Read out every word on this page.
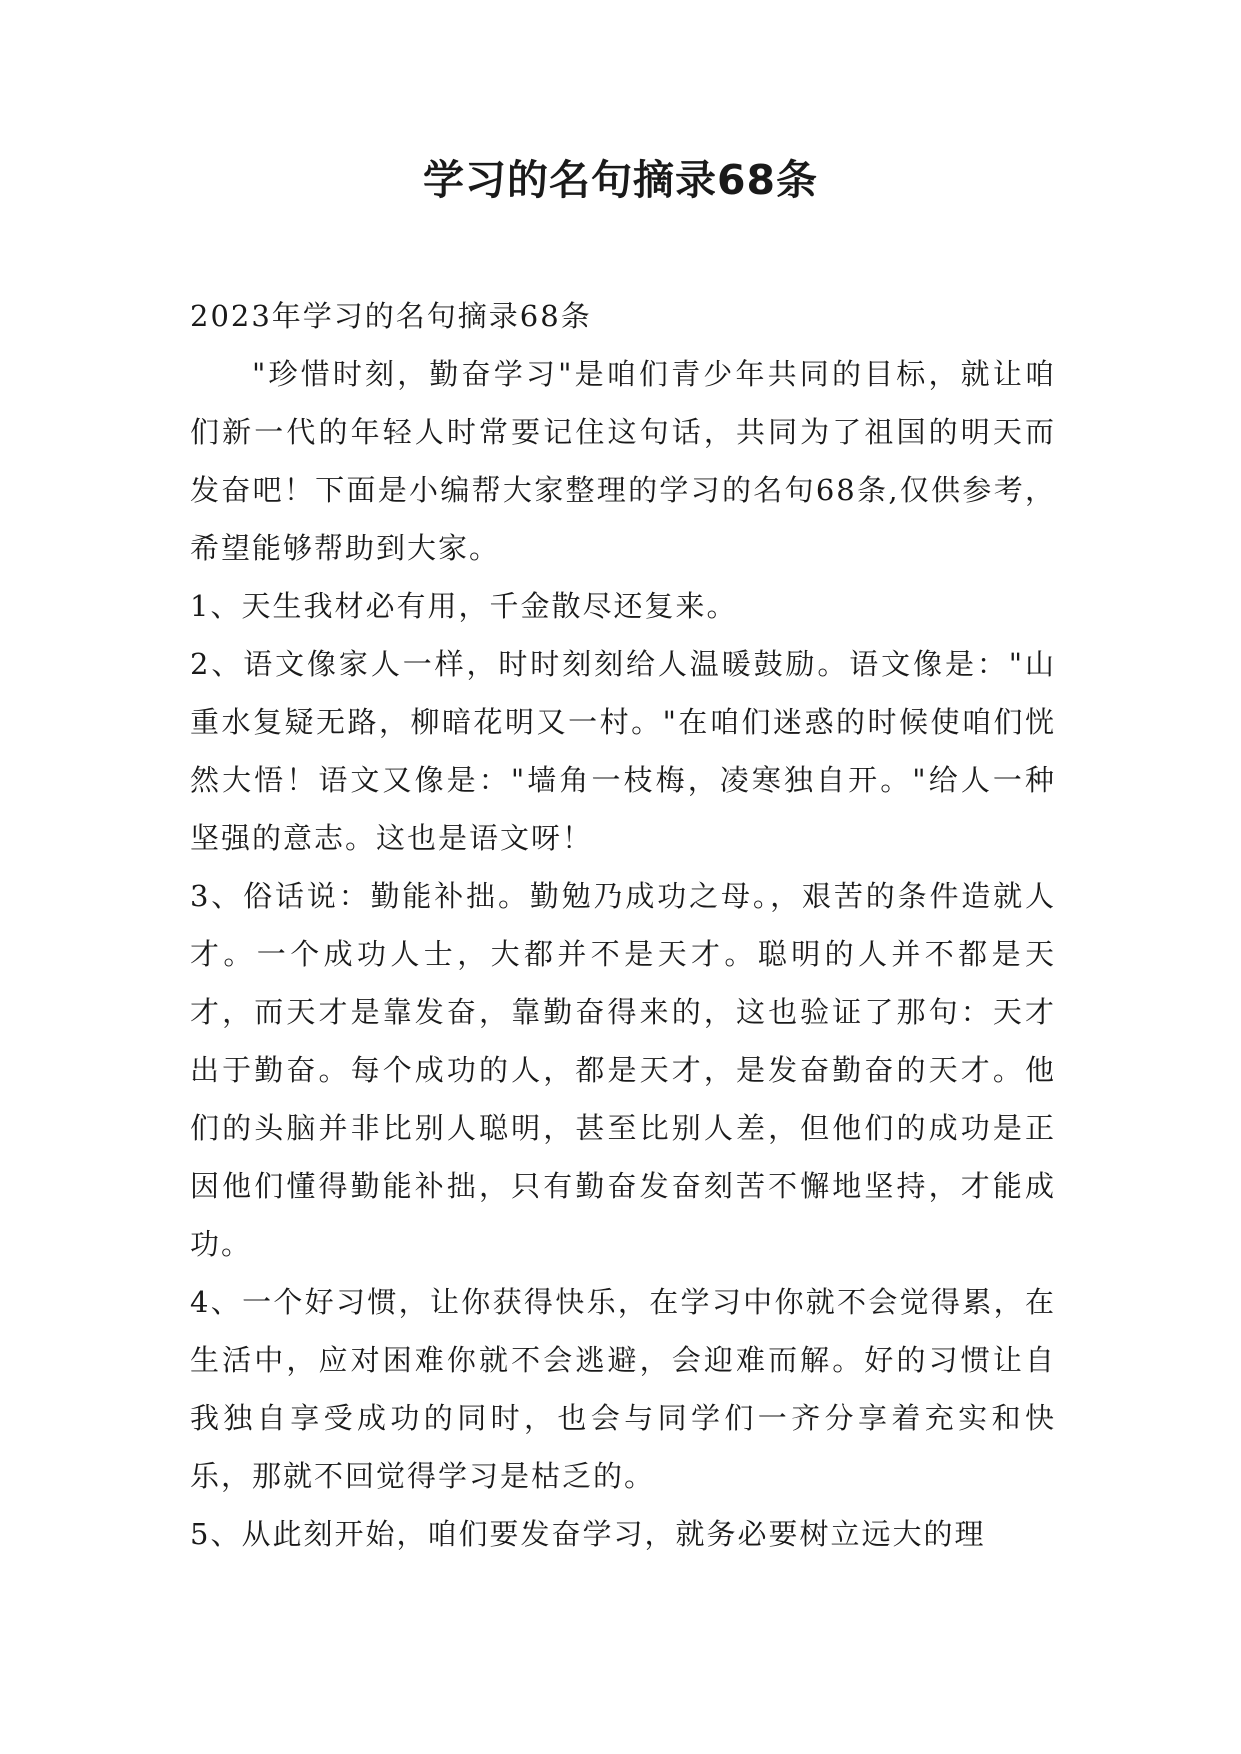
学习的名句摘录68条

2023年学习的名句摘录68条

"珍惜时刻，勤奋学习"是咱们青少年共同的目标，就让咱们新一代的年轻人时常要记住这句话，共同为了祖国的明天而发奋吧！下面是小编帮大家整理的学习的名句68条,仅供参考，希望能够帮助到大家。

1、天生我材必有用，千金散尽还复来。

2、语文像家人一样，时时刻刻给人温暖鼓励。语文像是："山重水复疑无路，柳暗花明又一村。"在咱们迷惑的时候使咱们恍然大悟！语文又像是："墙角一枝梅，凌寒独自开。"给人一种坚强的意志。这也是语文呀！

3、俗话说：勤能补拙。勤勉乃成功之母。，艰苦的条件造就人才。一个成功人士，大都并不是天才。聪明的人并不都是天才，而天才是靠发奋，靠勤奋得来的，这也验证了那句：天才出于勤奋。每个成功的人，都是天才，是发奋勤奋的天才。他们的头脑并非比别人聪明，甚至比别人差，但他们的成功是正因他们懂得勤能补拙，只有勤奋发奋刻苦不懈地坚持，才能成功。

4、一个好习惯，让你获得快乐，在学习中你就不会觉得累，在生活中，应对困难你就不会逃避，会迎难而解。好的习惯让自我独自享受成功的同时，也会与同学们一齐分享着充实和快乐，那就不回觉得学习是枯乏的。

5、从此刻开始，咱们要发奋学习，就务必要树立远大的理
